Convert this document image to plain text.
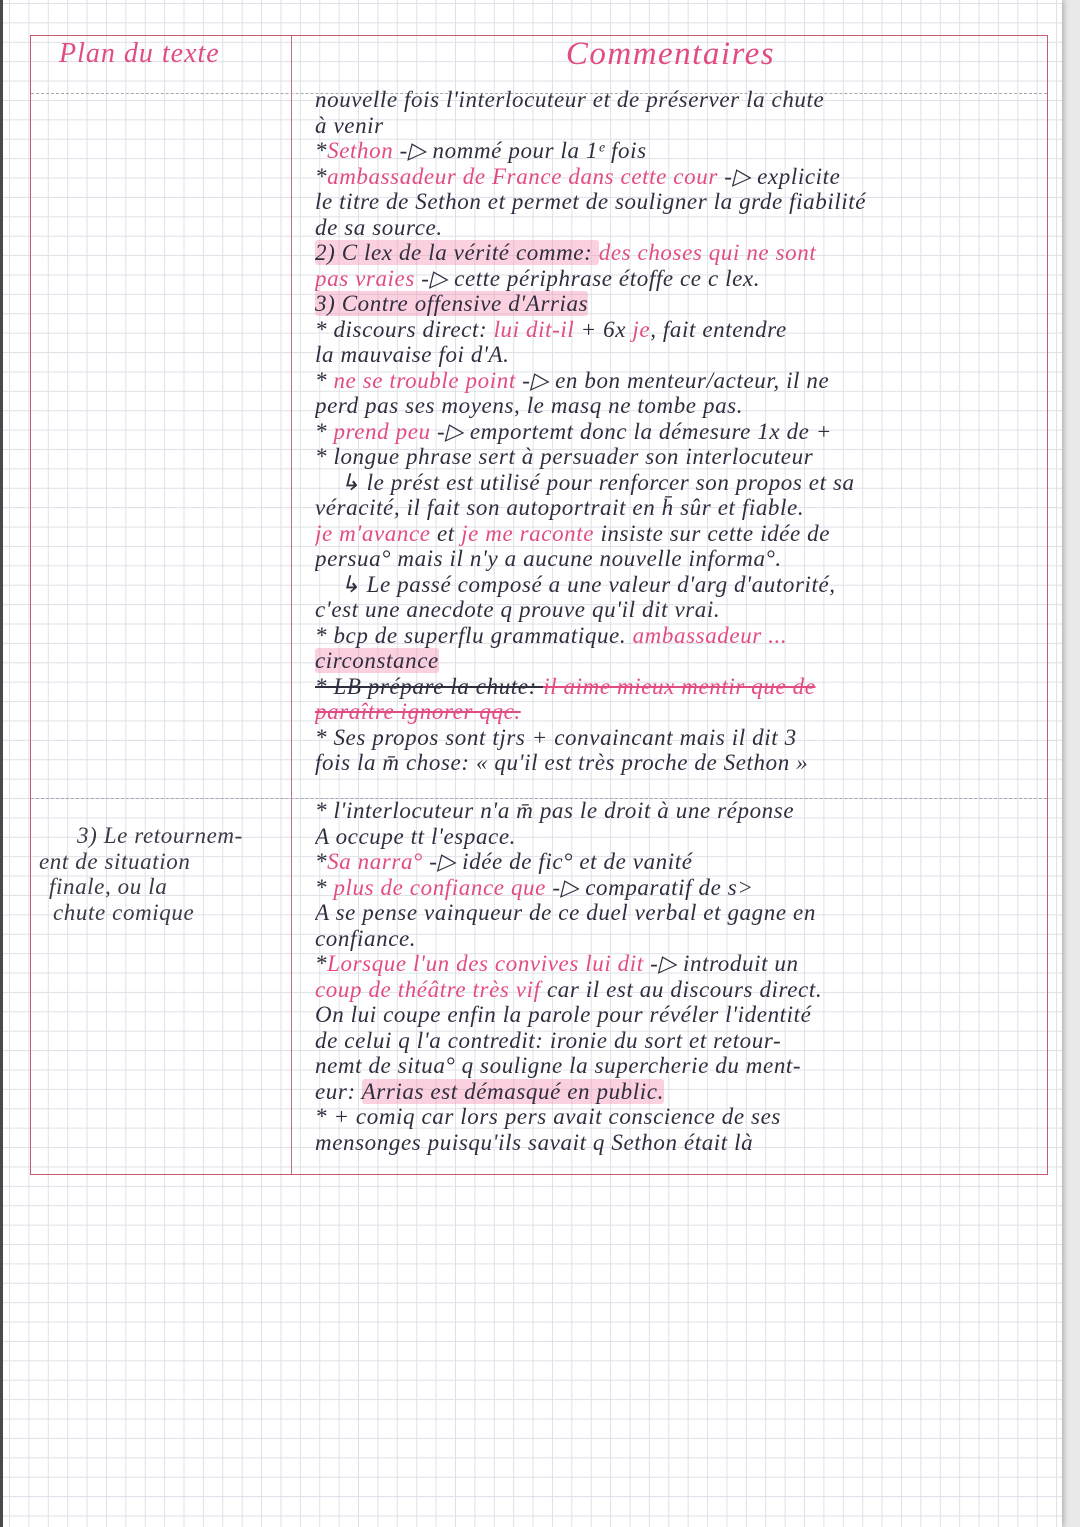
Plan du texte	Commentaires
nouvelle fois l'interlocuteur et de préserver la chute
à venir
*Sethon -▷ nommé pour la 1ᵉ fois
*ambassadeur de France dans cette cour -▷ explicite
le titre de Sethon et permet de souligner la grde fiabilité
de sa source.
2) C lex de la vérité comme: des choses qui ne sont
pas vraies -▷ cette périphrase étoffe ce c lex.
3) Contre offensive d'Arrias
* discours direct: lui dit-il + 6x je, fait entendre
la mauvaise foi d'A.
* ne se trouble point -▷ en bon menteur/acteur, il ne
perd pas ses moyens, le masq ne tombe pas.
* prend peu -▷ emportemt donc la démesure 1x de +
* longue phrase sert à persuader son interlocuteur
↳ le prést est utilisé pour renforcer son propos et sa
véracité, il fait son autoportrait en h̄ sûr et fiable.
je m'avance et je me raconte insiste sur cette idée de
persua° mais il n'y a aucune nouvelle informa°.
↳ Le passé composé a une valeur d'arg d'autorité,
c'est une anecdote q prouve qu'il dit vrai.
* bcp de superflu grammatique. ambassadeur ...
circonstance
* LB prépare la chute: il aime mieux mentir que de
paraître ignorer qqc.
* Ses propos sont tjrs + convaincant mais il dit 3
fois la m̄ chose: « qu'il est très proche de Sethon »
* l'interlocuteur n'a m̄ pas le droit à une réponse
A occupe tt l'espace.
*Sa narra° -▷ idée de fic° et de vanité
* plus de confiance que -▷ comparatif de s>
A se pense vainqueur de ce duel verbal et gagne en
confiance.
*Lorsque l'un des convives lui dit -▷ introduit un
coup de théâtre très vif car il est au discours direct.
On lui coupe enfin la parole pour révéler l'identité
de celui q l'a contredit: ironie du sort et retour-
nemt de situa° q souligne la supercherie du ment-
eur: Arrias est démasqué en public.
* + comiq car lors pers avait conscience de ses
mensonges puisqu'ils savait q Sethon était là
3) Le retournem-
ent de situation
finale, ou la
chute comique
